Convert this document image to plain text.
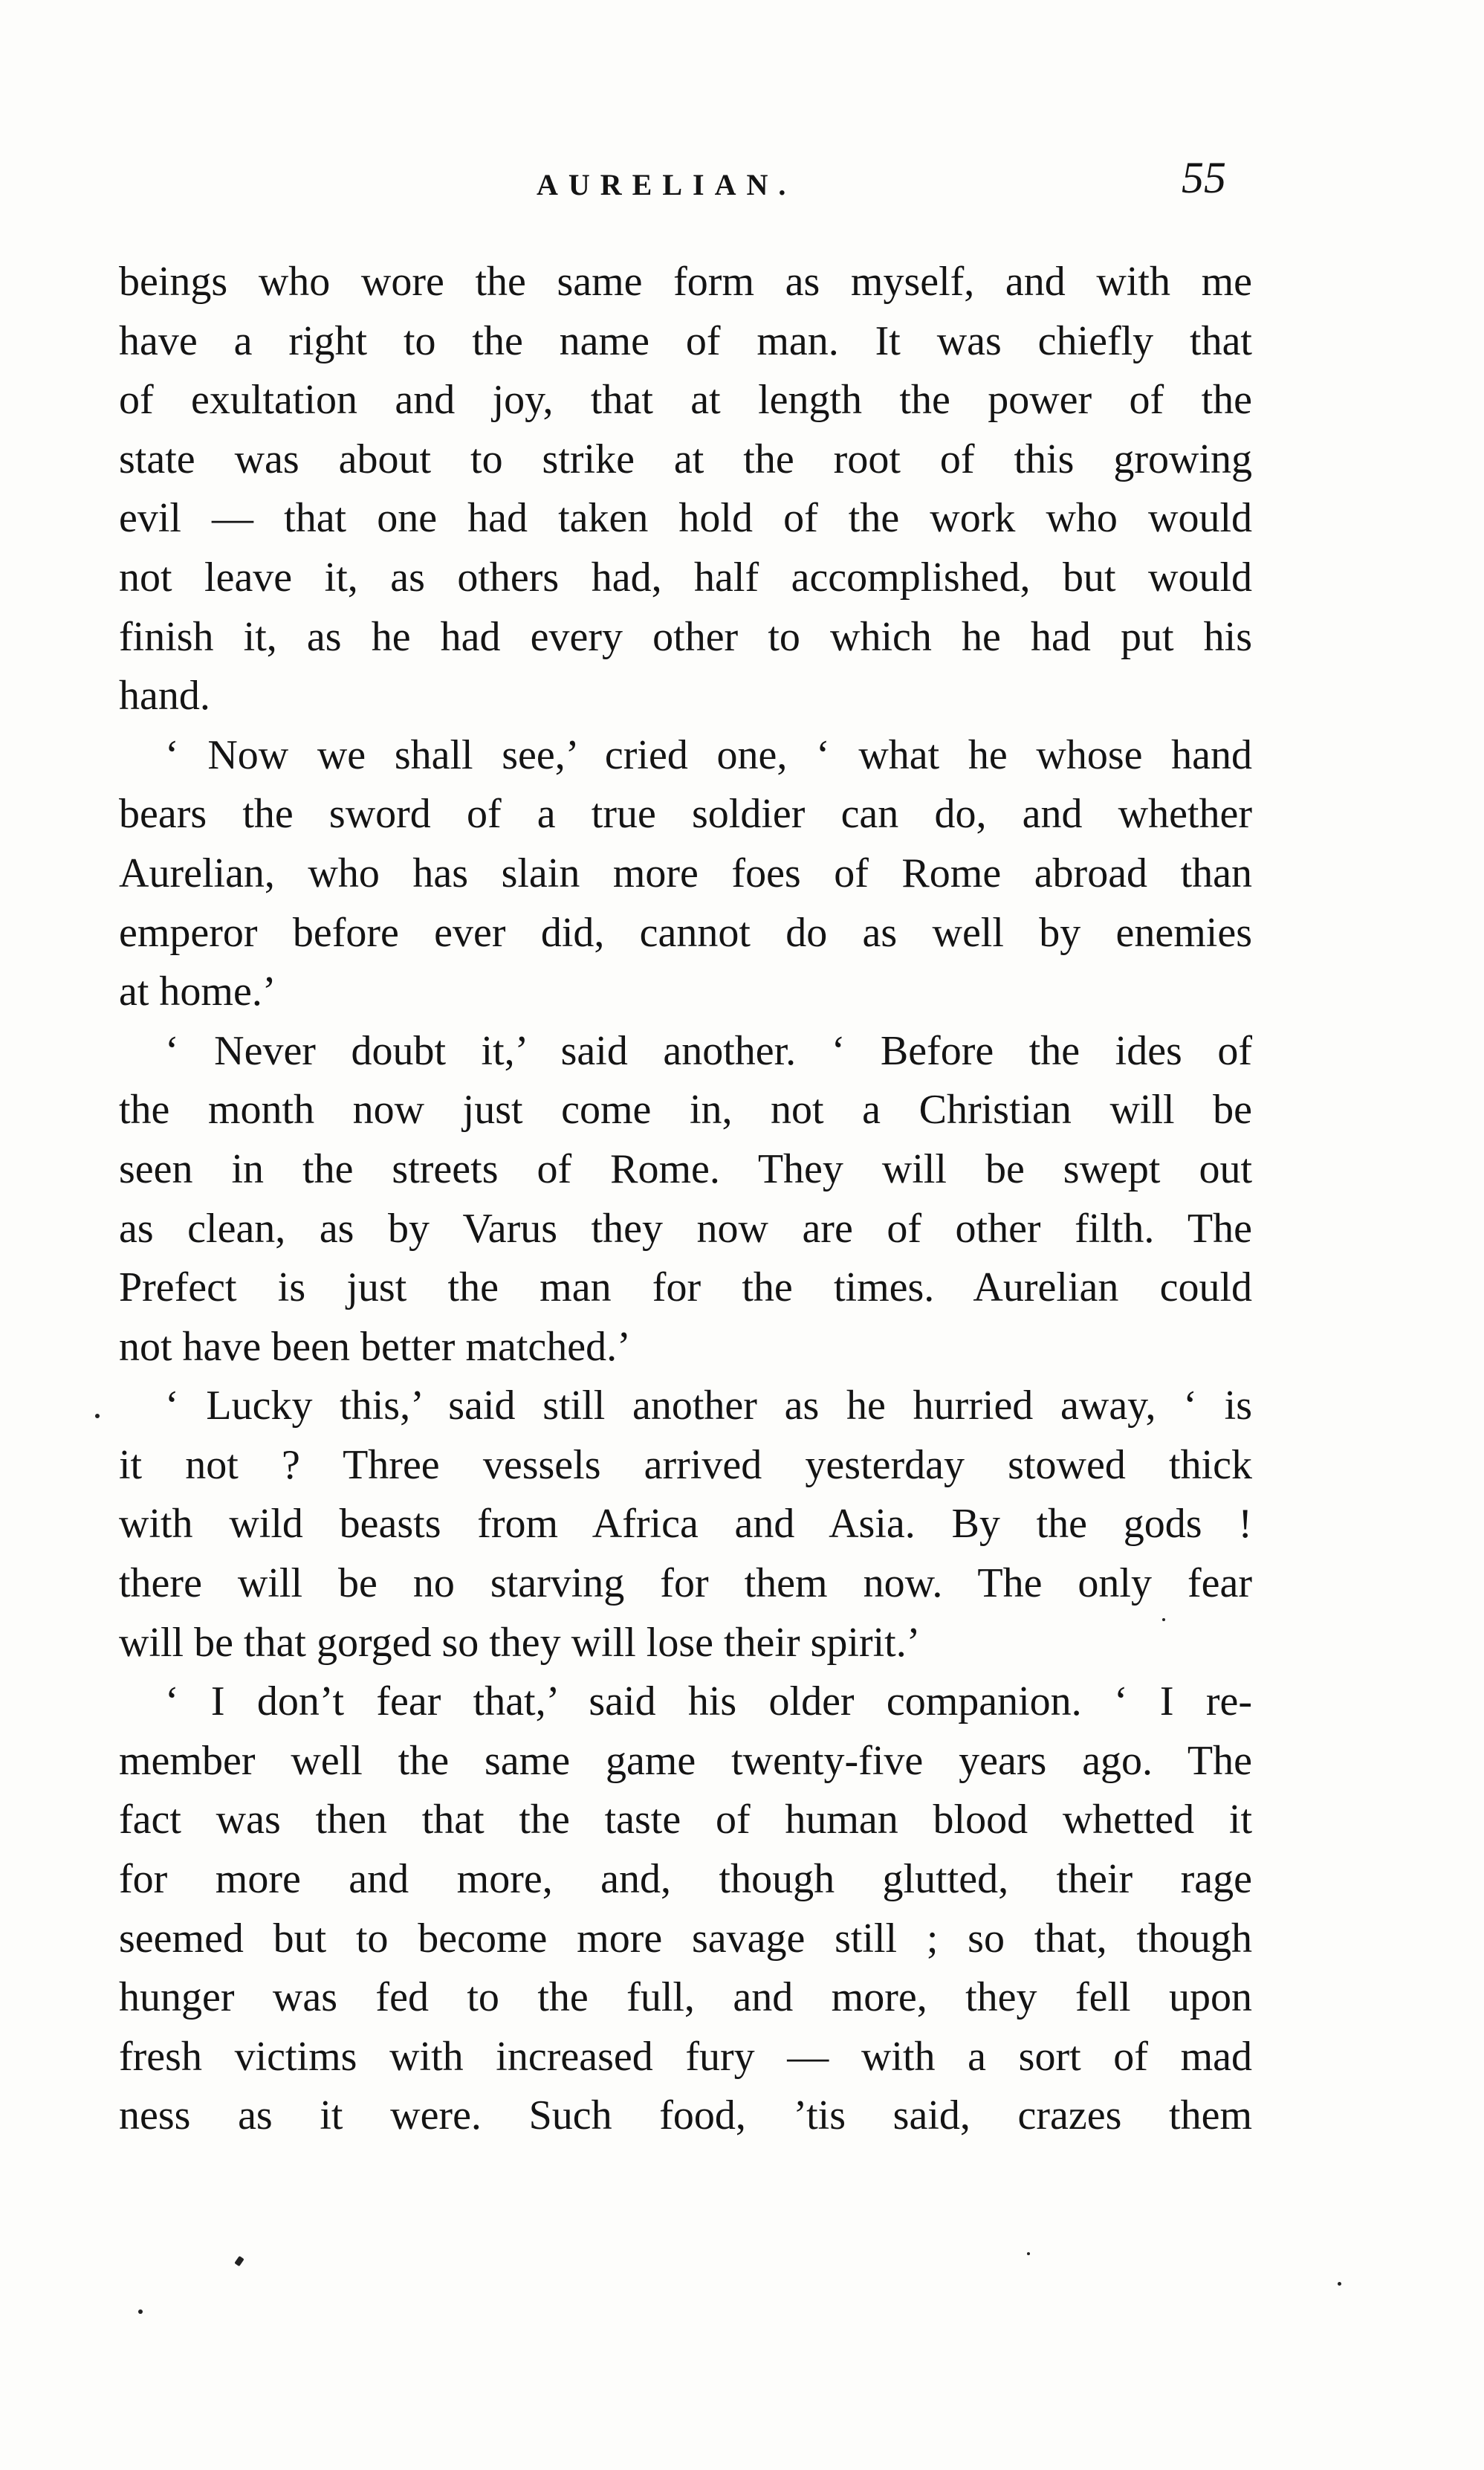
AURELIAN.	55
beings who wore the same form as myself, and with me
have a right to the name of man. It was chiefly that
of exultation and joy, that at length the power of the
state was about to strike at the root of this growing
evil — that one had taken hold of the work who would
not leave it, as others had, half accomplished, but would
finish it, as he had every other to which he had put his
hand.
‘ Now we shall see,’ cried one, ‘ what he whose hand
bears the sword of a true soldier can do, and whether
Aurelian, who has slain more foes of Rome abroad than
emperor before ever did, cannot do as well by enemies
at home.’
‘ Never doubt it,’ said another. ‘ Before the ides of
the month now just come in, not a Christian will be
seen in the streets of Rome. They will be swept out
as clean, as by Varus they now are of other filth. The
Prefect is just the man for the times. Aurelian could
not have been better matched.’
‘ Lucky this,’ said still another as he hurried away, ‘ is
it not ? Three vessels arrived yesterday stowed thick
with wild beasts from Africa and Asia. By the gods !
there will be no starving for them now. The only fear
will be that gorged so they will lose their spirit.’
‘ I don’t fear that,’ said his older companion. ‘ I re-
member well the same game twenty-five years ago. The
fact was then that the taste of human blood whetted it
for more and more, and, though glutted, their rage
seemed but to become more savage still ; so that, though
hunger was fed to the full, and more, they fell upon
fresh victims with increased fury — with a sort of mad
ness as it were. Such food, ’tis said, crazes them
